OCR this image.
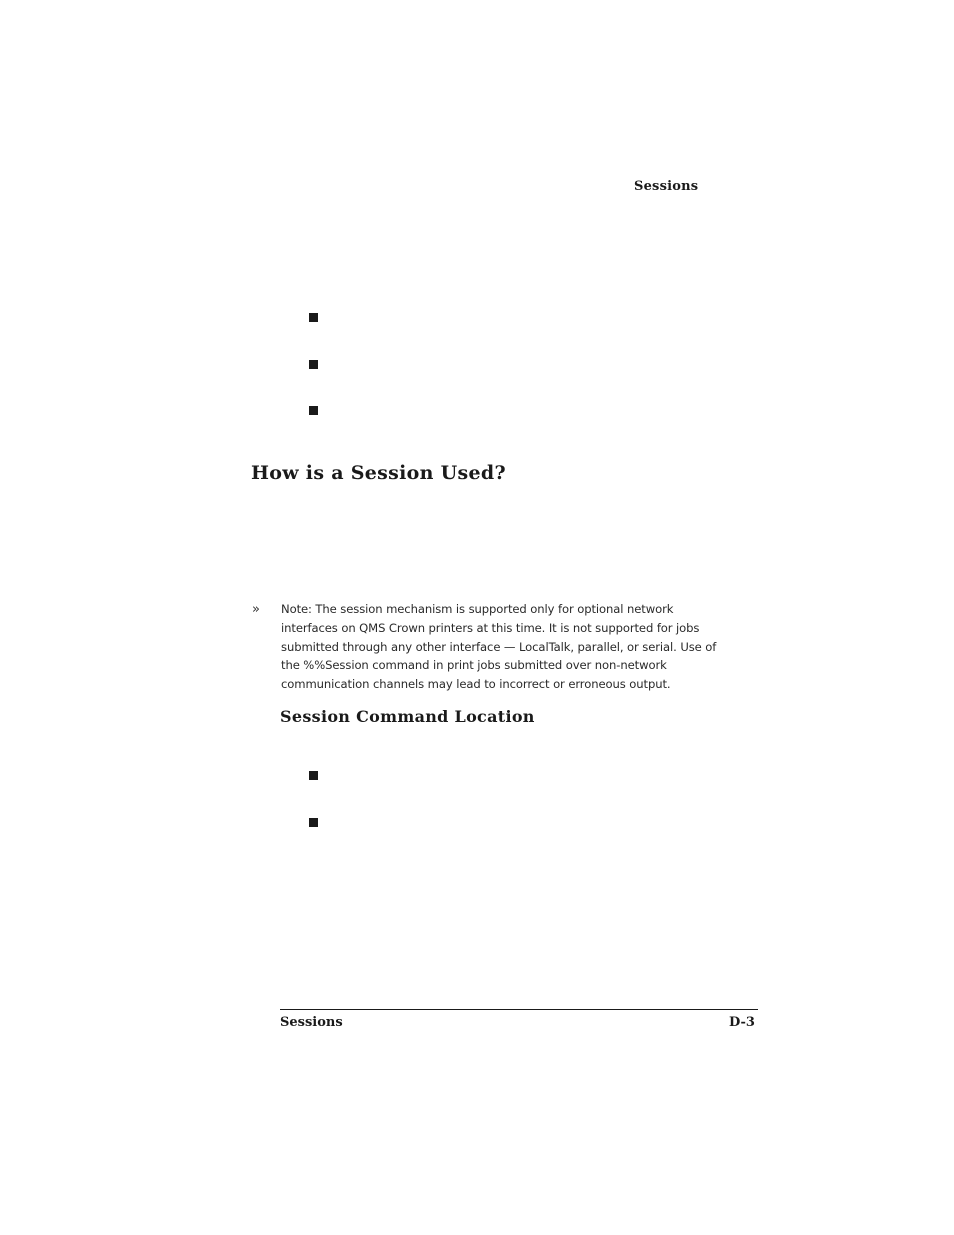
Sessions
How is a Session Used?
» Note: The session mechanism is supported only for optional network
interfaces on QMS Crown printers at this time. It is not supported for jobs
submitted through any other interface — LocalTalk, parallel, or serial. Use of
the %%Session command in print jobs submitted over non-network
communication channels may lead to incorrect or erroneous output.
Session Command Location
Sessions	D-3
